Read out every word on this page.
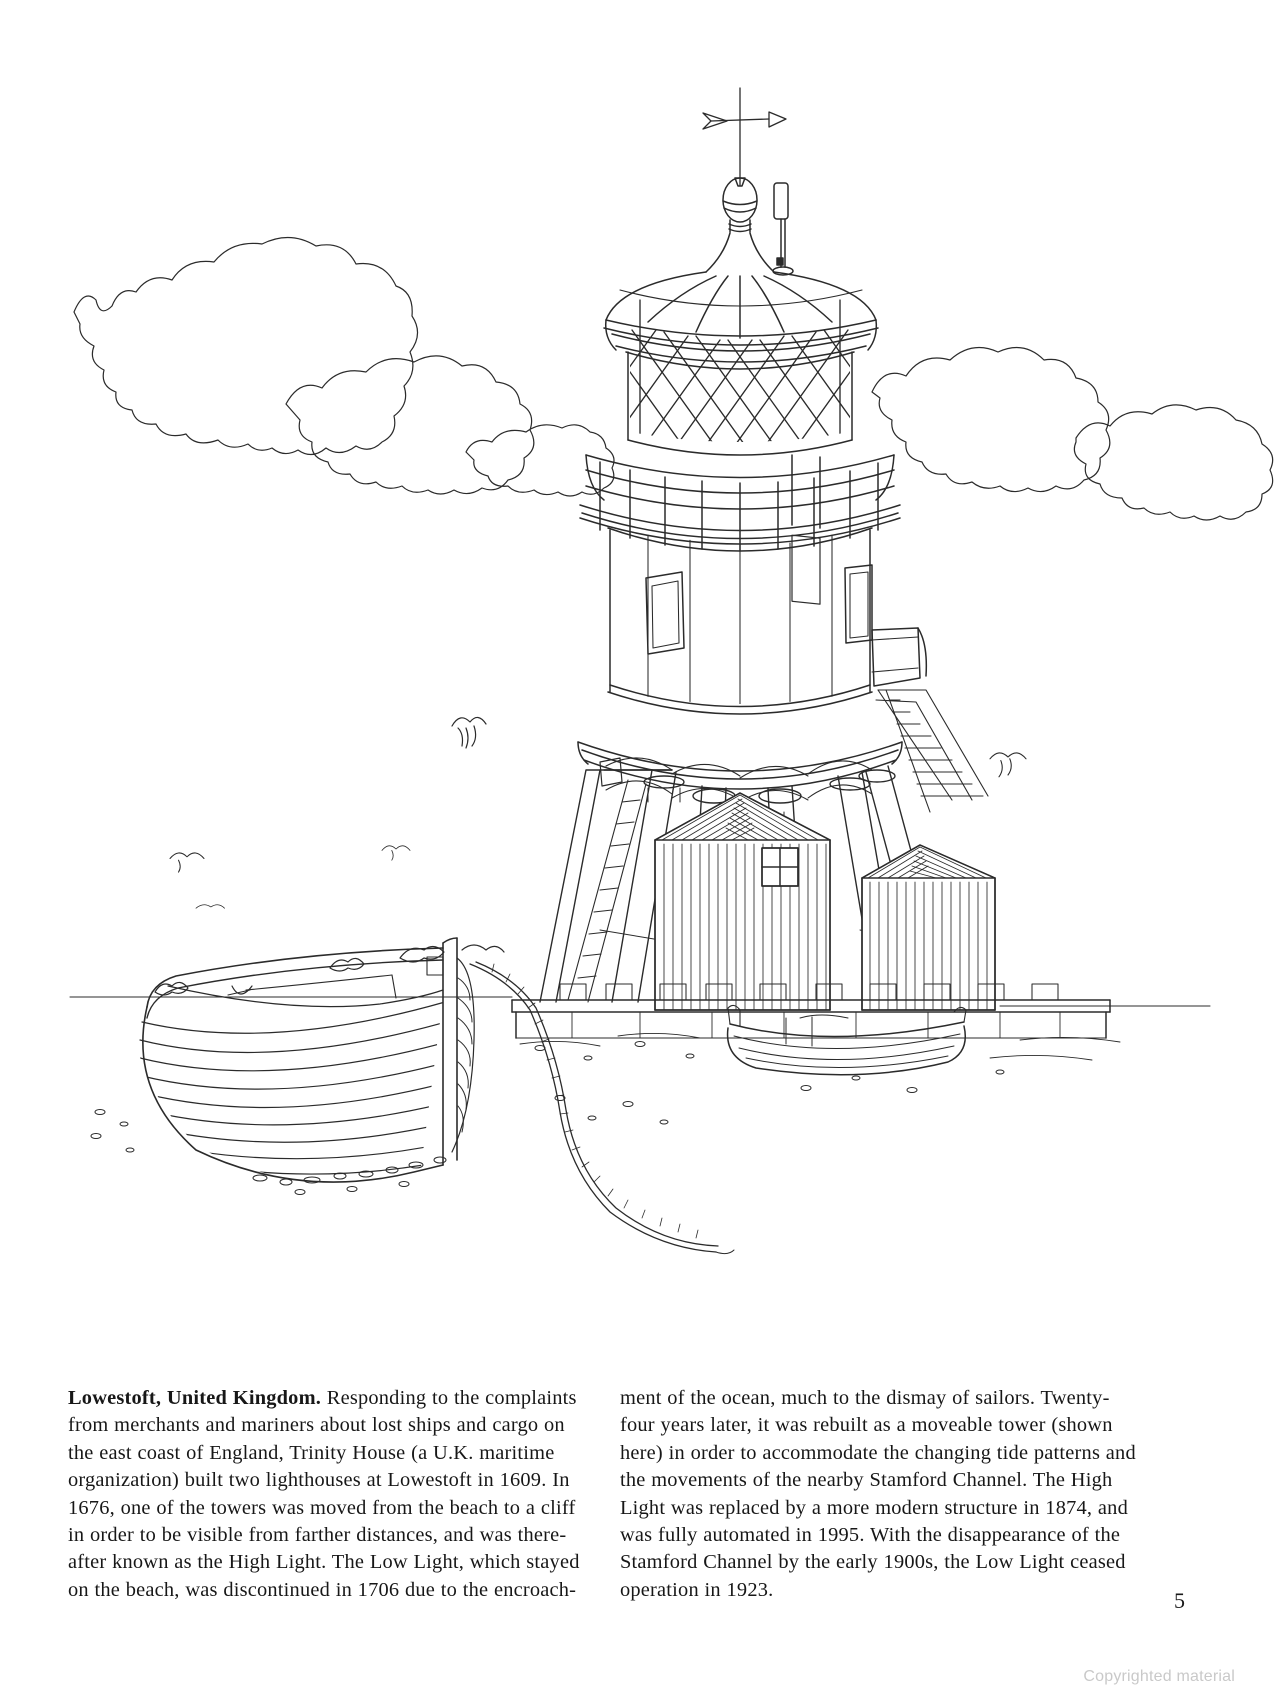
Lowestoft, United Kingdom. Responding to the complaints
from merchants and mariners about lost ships and cargo on
the east coast of England, Trinity House (a U.K. maritime
organization) built two lighthouses at Lowestoft in 1609. In
1676, one of the towers was moved from the beach to a cliff
in order to be visible from farther distances, and was there-
after known as the High Light. The Low Light, which stayed
on the beach, was discontinued in 1706 due to the encroach-

ment of the ocean, much to the dismay of sailors. Twenty-
four years later, it was rebuilt as a moveable tower (shown
here) in order to accommodate the changing tide patterns and
the movements of the nearby Stamford Channel. The High
Light was replaced by a more modern structure in 1874, and
was fully automated in 1995. With the disappearance of the
Stamford Channel by the early 1900s, the Low Light ceased
operation in 1923.	5
Copyrighted material
